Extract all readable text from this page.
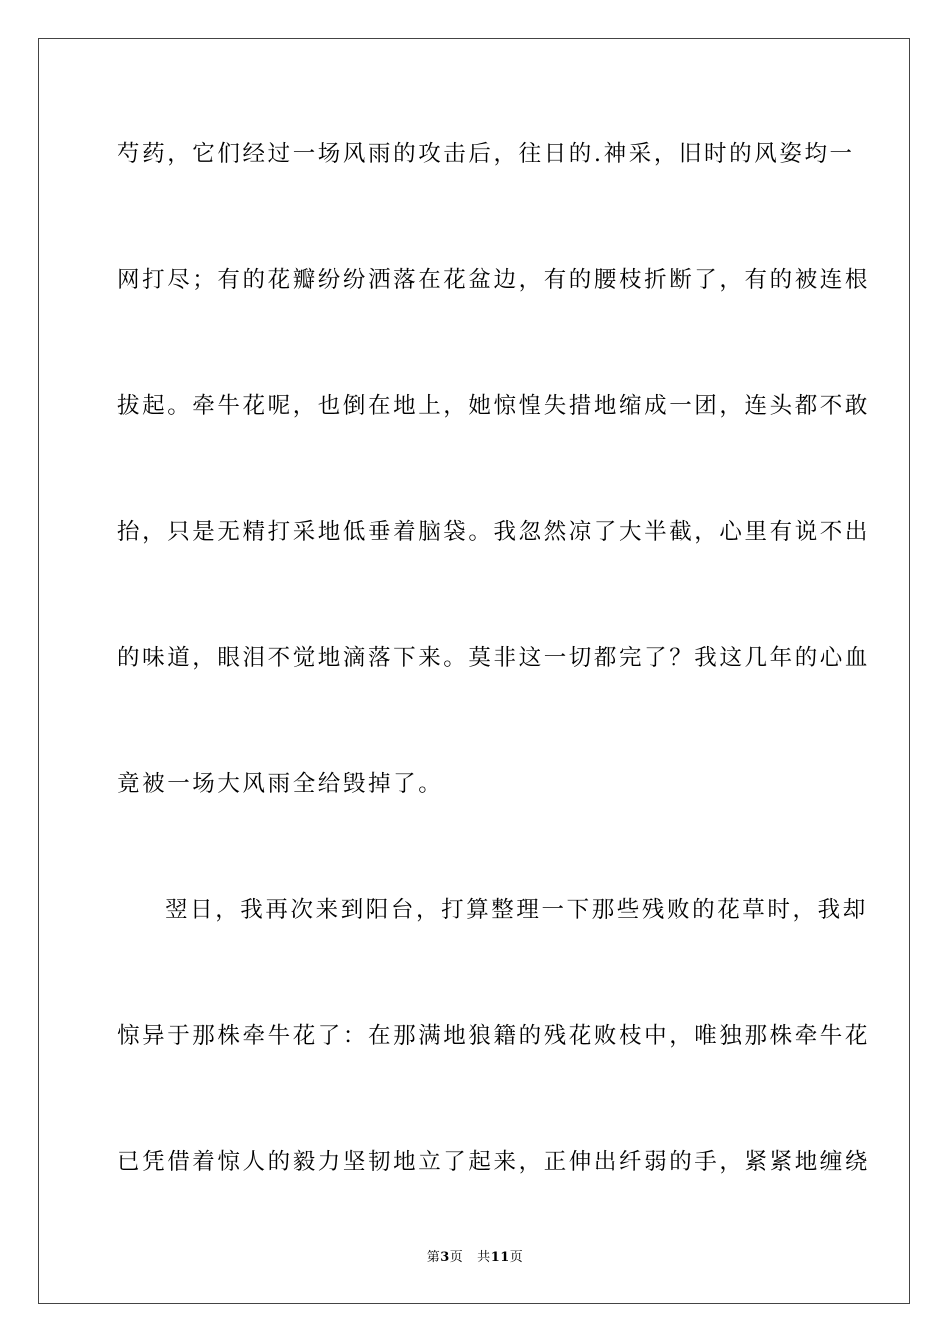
芍药，它们经过一场风雨的攻击后，往日的.神采，旧时的风姿均一
网打尽；有的花瓣纷纷洒落在花盆边，有的腰枝折断了，有的被连根
拔起。牵牛花呢，也倒在地上，她惊惶失措地缩成一团，连头都不敢
抬，只是无精打采地低垂着脑袋。我忽然凉了大半截，心里有说不出
的味道，眼泪不觉地滴落下来。莫非这一切都完了？我这几年的心血
竟被一场大风雨全给毁掉了。
翌日，我再次来到阳台，打算整理一下那些残败的花草时，我却
惊异于那株牵牛花了：在那满地狼籍的残花败枝中，唯独那株牵牛花
已凭借着惊人的毅力坚韧地立了起来，正伸出纤弱的手，紧紧地缠绕
第3页 共11页
